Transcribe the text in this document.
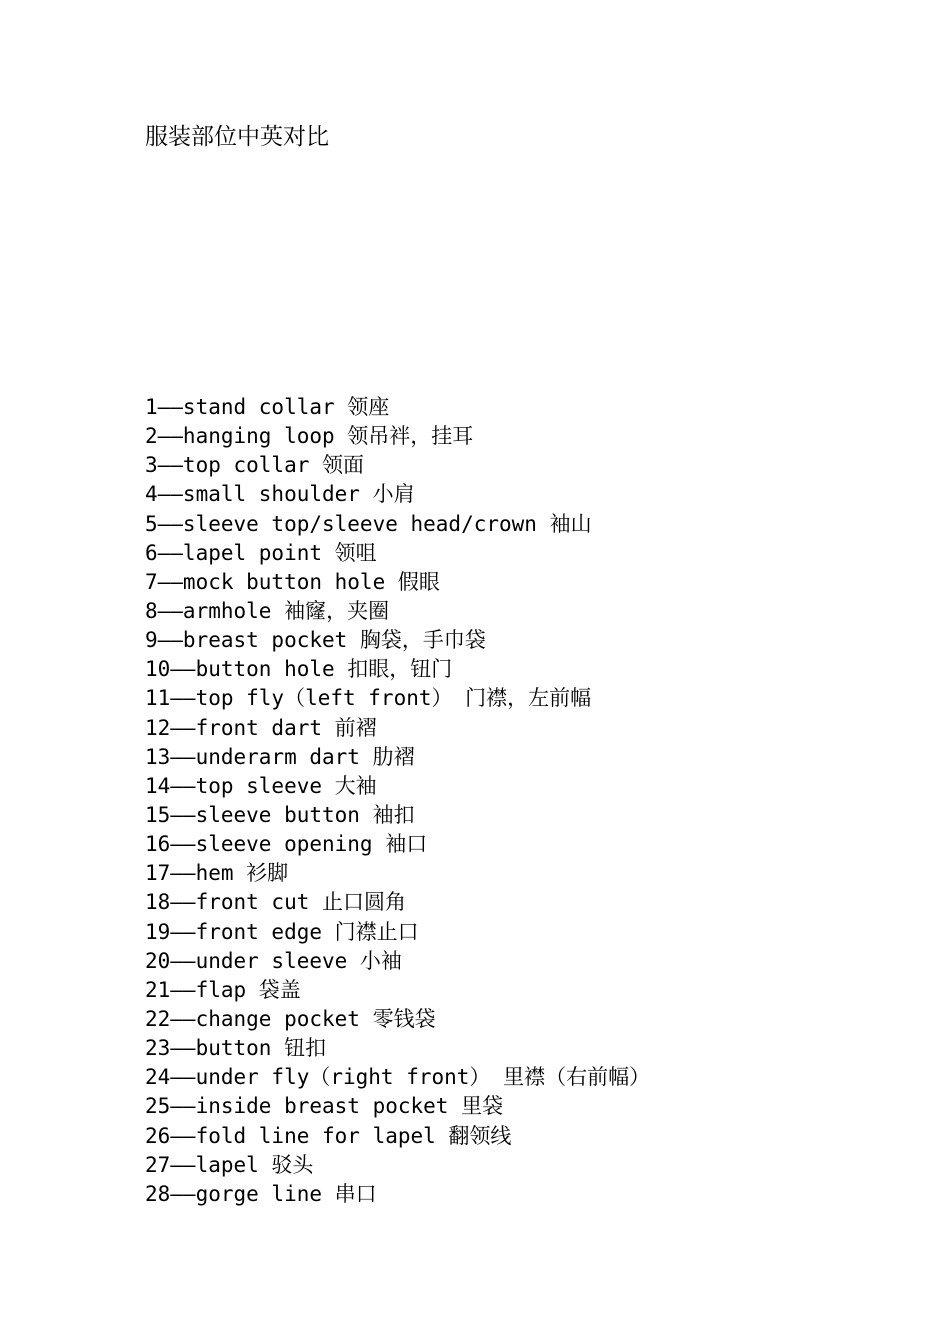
服装部位中英对比
1——stand collar 领座
2——hanging loop 领吊袢，挂耳
3——top collar 领面
4——small shoulder 小肩
5——sleeve top/sleeve head/crown 袖山
6——lapel point 领咀
7——mock button hole 假眼
8——armhole 袖窿，夹圈
9——breast pocket 胸袋，手巾袋
10——button hole 扣眼，钮门
11——top fly（left front） 门襟，左前幅
12——front dart 前褶
13——underarm dart 肋褶
14——top sleeve 大袖
15——sleeve button 袖扣
16——sleeve opening 袖口
17——hem 衫脚
18——front cut 止口圆角
19——front edge 门襟止口
20——under sleeve 小袖
21——flap 袋盖
22——change pocket 零钱袋
23——button 钮扣
24——under fly（right front） 里襟（右前幅）
25——inside breast pocket 里袋
26——fold line for lapel 翻领线
27——lapel 驳头
28——gorge line 串口
